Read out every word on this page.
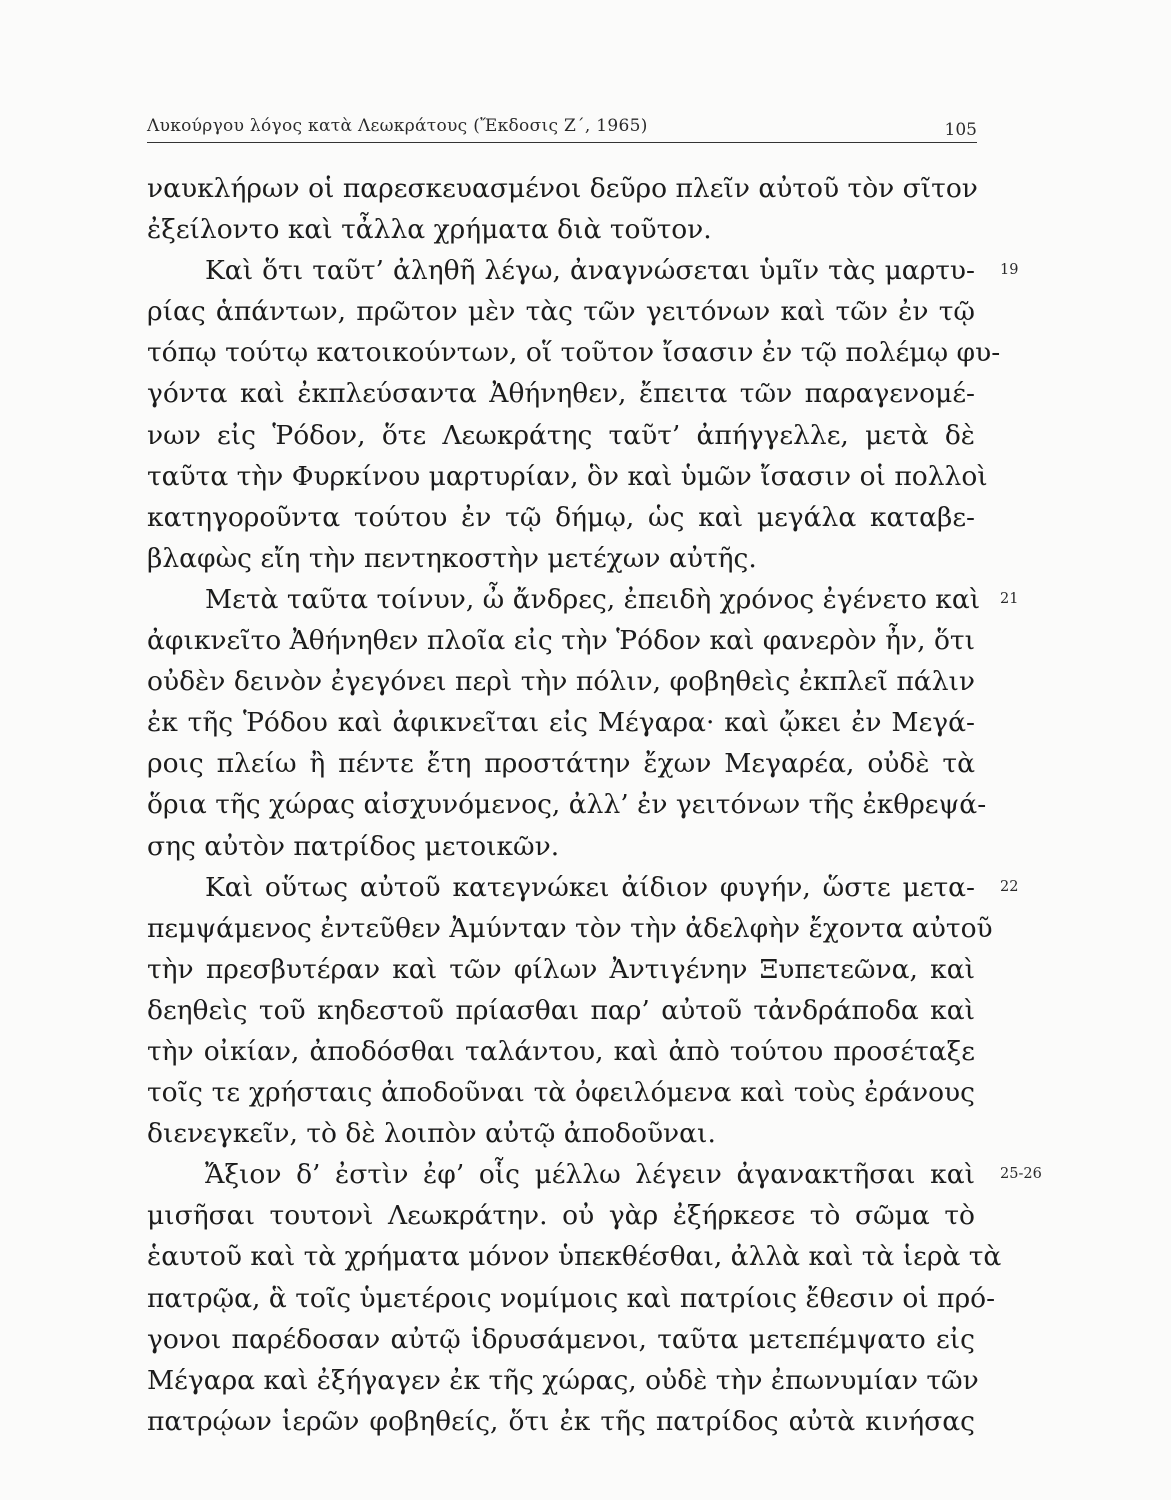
Λυκούργου λόγος κατὰ Λεωκράτους (Ἔκδοσις Ζ΄, 1965)	105
ναυκλήρων οἱ παρεσκευασμένοι δεῦρο πλεῖν αὐτοῦ τὸν σῖτον
ἐξείλοντο καὶ τἆλλα χρήματα διὰ τοῦτον.
Καὶ ὅτι ταῦτ’ ἀληθῆ λέγω, ἀναγνώσεται ὑμῖν τὰς μαρτυ-
ρίας ἁπάντων, πρῶτον μὲν τὰς τῶν γειτόνων καὶ τῶν ἐν τῷ
τόπῳ τούτῳ κατοικούντων, οἵ τοῦτον ἴσασιν ἐν τῷ πολέμῳ φυ-
γόντα καὶ ἐκπλεύσαντα Ἀθήνηθεν, ἔπειτα τῶν παραγενομέ-
νων εἰς Ῥόδον, ὅτε Λεωκράτης ταῦτ’ ἀπήγγελλε, μετὰ δὲ
ταῦτα τὴν Φυρκίνου μαρτυρίαν, ὃν καὶ ὑμῶν ἴσασιν οἱ πολλοὶ
κατηγοροῦντα τούτου ἐν τῷ δήμῳ, ὡς καὶ μεγάλα καταβε-
βλαφὼς εἴη τὴν πεντηκοστὴν μετέχων αὐτῆς.
Μετὰ ταῦτα τοίνυν, ὦ ἄνδρες, ἐπειδὴ χρόνος ἐγένετο καὶ
ἀφικνεῖτο Ἀθήνηθεν πλοῖα εἰς τὴν Ῥόδον καὶ φανερὸν ἦν, ὅτι
οὐδὲν δεινὸν ἐγεγόνει περὶ τὴν πόλιν, φοβηθεὶς ἐκπλεῖ πάλιν
ἐκ τῆς Ῥόδου καὶ ἀφικνεῖται εἰς Μέγαρα· καὶ ᾤκει ἐν Μεγά-
ροις πλείω ἢ πέντε ἔτη προστάτην ἔχων Μεγαρέα, οὐδὲ τὰ
ὅρια τῆς χώρας αἰσχυνόμενος, ἀλλ’ ἐν γειτόνων τῆς ἐκθρεψά-
σης αὐτὸν πατρίδος μετοικῶν.
Καὶ οὕτως αὐτοῦ κατεγνώκει ἀίδιον φυγήν, ὥστε μετα-
πεμψάμενος ἐντεῦθεν Ἀμύνταν τὸν τὴν ἀδελφὴν ἔχοντα αὐτοῦ
τὴν πρεσβυτέραν καὶ τῶν φίλων Ἀντιγένην Ξυπετεῶνα, καὶ
δεηθεὶς τοῦ κηδεστοῦ πρίασθαι παρ’ αὐτοῦ τἀνδράποδα καὶ
τὴν οἰκίαν, ἀποδόσθαι ταλάντου, καὶ ἀπὸ τούτου προσέταξε
τοῖς τε χρήσταις ἀποδοῦναι τὰ ὀφειλόμενα καὶ τοὺς ἐράνους
διενεγκεῖν, τὸ δὲ λοιπὸν αὐτῷ ἀποδοῦναι.
Ἄξιον δ’ ἐστὶν ἐφ’ οἷς μέλλω λέγειν ἀγανακτῆσαι καὶ
μισῆσαι τουτονὶ Λεωκράτην. οὐ γὰρ ἐξήρκεσε τὸ σῶμα τὸ
ἑαυτοῦ καὶ τὰ χρήματα μόνον ὑπεκθέσθαι, ἀλλὰ καὶ τὰ ἱερὰ τὰ
πατρῷα, ἃ τοῖς ὑμετέροις νομίμοις καὶ πατρίοις ἔθεσιν οἱ πρό-
γονοι παρέδοσαν αὐτῷ ἱδρυσάμενοι, ταῦτα μετεπέμψατο εἰς
Μέγαρα καὶ ἐξήγαγεν ἐκ τῆς χώρας, οὐδὲ τὴν ἐπωνυμίαν τῶν
πατρῴων ἱερῶν φοβηθείς, ὅτι ἐκ τῆς πατρίδος αὐτὰ κινήσας
19
21
22
25-26
